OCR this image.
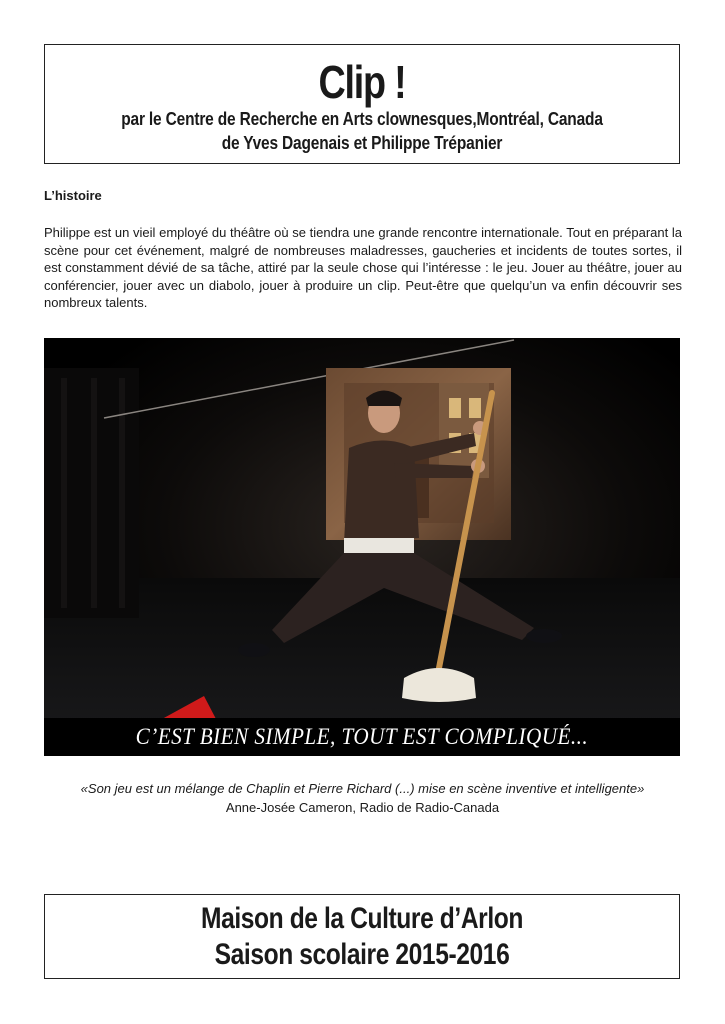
Clip !
par le Centre de Recherche en Arts clownesques,Montréal, Canada
de Yves Dagenais et Philippe Trépanier
L’histoire
Philippe est un vieil employé du théâtre où se tiendra une grande rencontre internationale. Tout en préparant la scène pour cet événement, malgré de nombreuses maladresses, gaucheries et incidents de toutes sortes, il est constamment dévié de sa tâche, attiré par la seule chose qui l’intéresse : le jeu. Jouer au théâtre, jouer au conférencier, jouer avec un diabolo, jouer à produire un clip. Peut-être que quelqu’un va enfin découvrir ses nombreux talents.
C’EST BIEN SIMPLE, TOUT EST COMPLIQUÉ...
«Son jeu est un mélange de Chaplin et Pierre Richard (...) mise en scène inventive et intelligente»
Anne-Josée Cameron, Radio de Radio-Canada
Maison de la Culture d’Arlon
Saison scolaire 2015-2016
